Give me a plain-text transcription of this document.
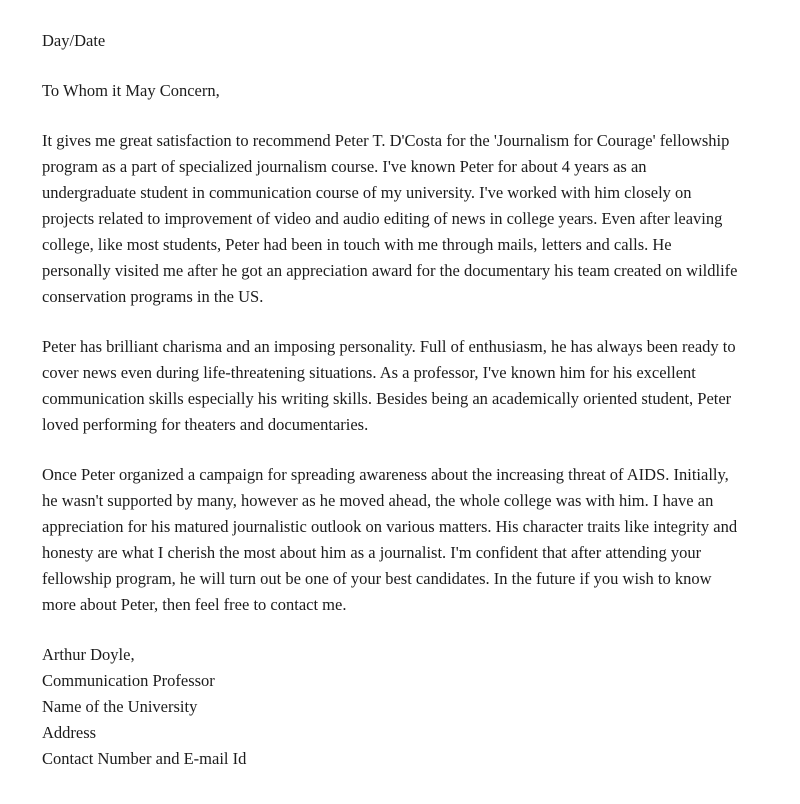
Day/Date

To Whom it May Concern,

It gives me great satisfaction to recommend Peter T. D'Costa for the 'Journalism for Courage' fellowship program as a part of specialized journalism course. I've known Peter for about 4 years as an undergraduate student in communication course of my university. I've worked with him closely on projects related to improvement of video and audio editing of news in college years. Even after leaving college, like most students, Peter had been in touch with me through mails, letters and calls. He personally visited me after he got an appreciation award for the documentary his team created on wildlife conservation programs in the US.

Peter has brilliant charisma and an imposing personality. Full of enthusiasm, he has always been ready to cover news even during life-threatening situations. As a professor, I've known him for his excellent communication skills especially his writing skills. Besides being an academically oriented student, Peter loved performing for theaters and documentaries.

Once Peter organized a campaign for spreading awareness about the increasing threat of AIDS. Initially, he wasn't supported by many, however as he moved ahead, the whole college was with him. I have an appreciation for his matured journalistic outlook on various matters. His character traits like integrity and honesty are what I cherish the most about him as a journalist. I'm confident that after attending your fellowship program, he will turn out be one of your best candidates. In the future if you wish to know more about Peter, then feel free to contact me.

Arthur Doyle,

Communication Professor

Name of the University

Address

Contact Number and E-mail Id
